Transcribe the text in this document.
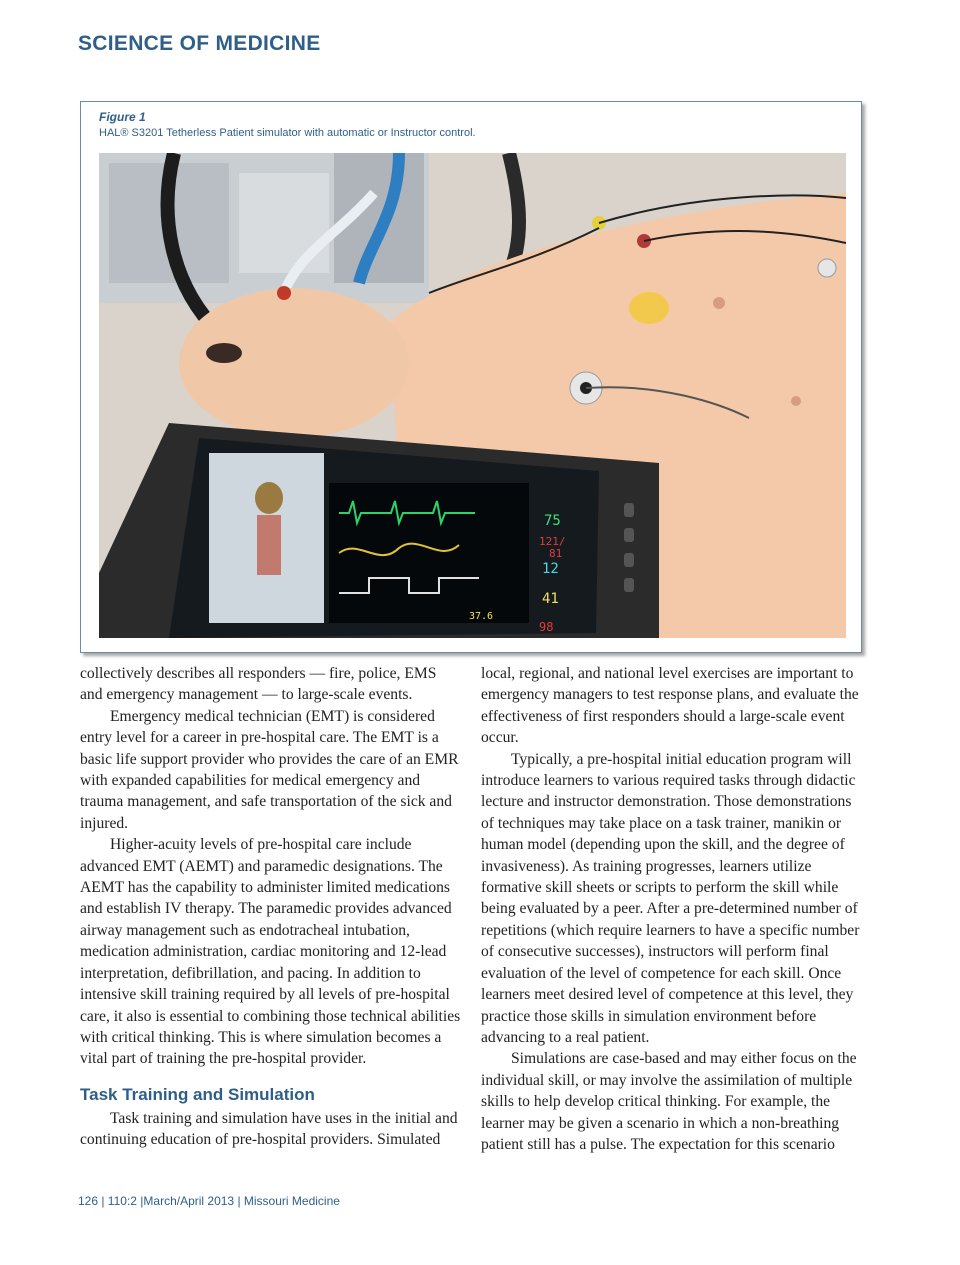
SCIENCE OF MEDICINE
Figure 1
HAL® S3201 Tetherless Patient simulator with automatic or Instructor control.
75
121/
81
12
41
98
37.6

collectively describes all responders — fire, police, EMS and emergency management — to large-scale events.

Emergency medical technician (EMT) is considered entry level for a career in pre-hospital care. The EMT is a basic life support provider who provides the care of an EMR with expanded capabilities for medical emergency and trauma management, and safe transportation of the sick and injured.

Higher-acuity levels of pre-hospital care include advanced EMT (AEMT) and paramedic designations. The AEMT has the capability to administer limited medications and establish IV therapy. The paramedic provides advanced airway management such as endotracheal intubation, medication administration, cardiac monitoring and 12-lead interpretation, defibrillation, and pacing. In addition to intensive skill training required by all levels of pre-hospital care, it also is essential to combining those technical abilities with critical thinking. This is where simulation becomes a vital part of training the pre-hospital provider.

Task Training and Simulation

Task training and simulation have uses in the initial and continuing education of pre-hospital providers. Simulated

local, regional, and national level exercises are important to emergency managers to test response plans, and evaluate the effectiveness of first responders should a large-scale event occur.

Typically, a pre-hospital initial education program will introduce learners to various required tasks through didactic lecture and instructor demonstration. Those demonstrations of techniques may take place on a task trainer, manikin or human model (depending upon the skill, and the degree of invasiveness). As training progresses, learners utilize formative skill sheets or scripts to perform the skill while being evaluated by a peer. After a pre-determined number of repetitions (which require learners to have a specific number of consecutive successes), instructors will perform final evaluation of the level of competence for each skill. Once learners meet desired level of competence at this level, they practice those skills in simulation environment before advancing to a real patient.

Simulations are case-based and may either focus on the individual skill, or may involve the assimilation of multiple skills to help develop critical thinking. For example, the learner may be given a scenario in which a non-breathing patient still has a pulse. The expectation for this scenario

126 | 110:2 |March/April 2013 | Missouri Medicine
